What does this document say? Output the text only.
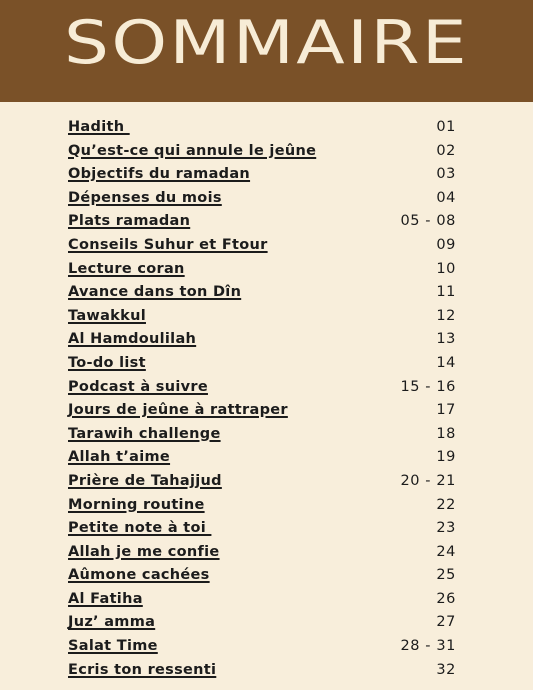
SOMMAIRE
Hadith	01
Qu’est-ce qui annule le jeûne	02
Objectifs du ramadan	03
Dépenses du mois	04
Plats ramadan	05 - 08
Conseils Suhur et Ftour	09
Lecture coran	10
Avance dans ton Dîn	11
Tawakkul	12
Al Hamdoulilah	13
To-do list	14
Podcast à suivre	15 - 16
Jours de jeûne à rattraper	17
Tarawih challenge	18
Allah t’aime	19
Prière de Tahajjud	20 - 21
Morning routine	22
Petite note à toi	23
Allah je me confie	24
Aûmone cachées	25
Al Fatiha	26
Juz’ amma	27
Salat Time	28 - 31
Ecris ton ressenti	32
